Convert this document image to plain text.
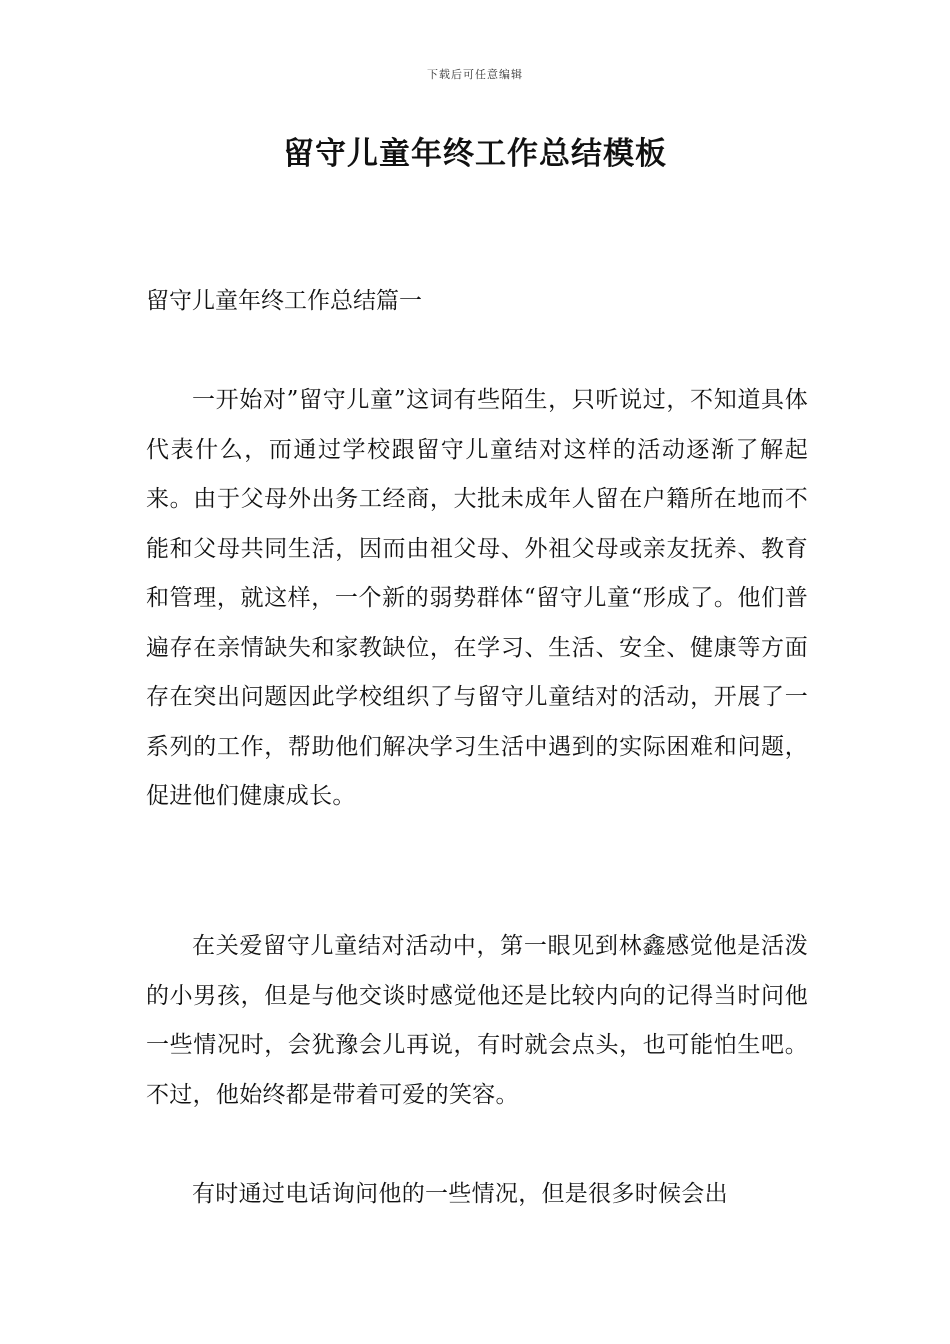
下载后可任意编辑
留守儿童年终工作总结模板
留守儿童年终工作总结篇一

一开始对”留守儿童”这词有些陌生，只听说过，不知道具体代表什么，而通过学校跟留守儿童结对这样的活动逐渐了解起来。由于父母外出务工经商，大批未成年人留在户籍所在地而不能和父母共同生活，因而由祖父母、外祖父母或亲友抚养、教育和管理，就这样，一个新的弱势群体“留守儿童“形成了。他们普遍存在亲情缺失和家教缺位，在学习、生活、安全、健康等方面存在突出问题因此学校组织了与留守儿童结对的活动，开展了一系列的工作，帮助他们解决学习生活中遇到的实际困难和问题，促进他们健康成长。

在关爱留守儿童结对活动中，第一眼见到林鑫感觉他是活泼的小男孩，但是与他交谈时感觉他还是比较内向的记得当时问他一些情况时，会犹豫会儿再说，有时就会点头，也可能怕生吧。不过，他始终都是带着可爱的笑容。

有时通过电话询问他的一些情况，但是很多时候会出
